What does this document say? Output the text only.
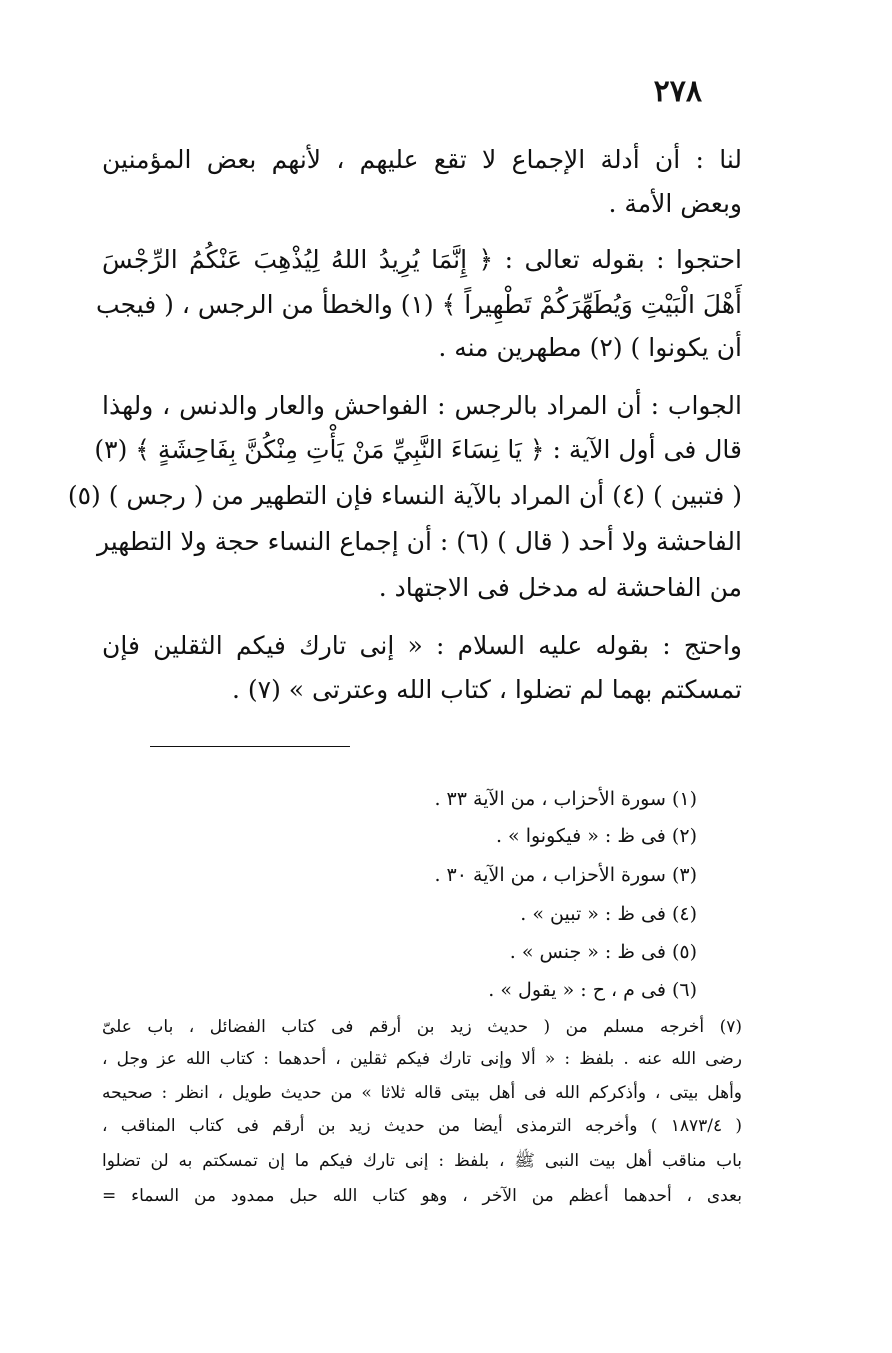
٢٧٨
لنا : أن أدلة الإجماع لا تقع عليهم ، لأنهم بعض المؤمنين
وبعض الأمة .
احتجوا : بقوله تعالى : ﴿ إِنَّمَا يُرِيدُ اللهُ لِيُذْهِبَ عَنْكُمُ الرِّجْسَ
أَهْلَ الْبَيْتِ وَيُطَهِّرَكُمْ تَطْهِيراً ﴾ (١) والخطأ من الرجس ، ( فيجب
أن يكونوا ) (٢) مطهرين منه .
الجواب : أن المراد بالرجس : الفواحش والعار والدنس ، ولهذا
قال فى أول الآية : ﴿ يَا نِسَاءَ النَّبِيِّ مَنْ يَأْتِ مِنْكُنَّ بِفَاحِشَةٍ ﴾ (٣)
( فتبين ) (٤) أن المراد بالآية النساء فإن التطهير من ( رجس ) (٥)
الفاحشة ولا أحد ( قال ) (٦) : أن إجماع النساء حجة ولا التطهير
من الفاحشة له مدخل فى الاجتهاد .
واحتج : بقوله عليه السلام : « إنى تارك فيكم الثقلين فإن
تمسكتم بهما لم تضلوا ، كتاب الله وعترتى » (٧) .
(١) سورة الأحزاب ، من الآية ٣٣ .
(٢) فى ظ : « فيكونوا » .
(٣) سورة الأحزاب ، من الآية ٣٠ .
(٤) فى ظ : « تبين » .
(٥) فى ظ : « جنس » .
(٦) فى م ، ح : « يقول » .
(٧) أخرجه مسلم من ( حديث زيد بن أرقم فى كتاب الفضائل ، باب علىّ
رضى الله عنه . بلفظ : « ألا وإنى تارك فيكم ثقلين ، أحدهما : كتاب الله عز وجل ،
وأهل بيتى ، وأذكركم الله فى أهل بيتى قاله ثلاثا » من حديث طويل ، انظر : صحيحه
( ١٨٧٣/٤ ) وأخرجه الترمذى أيضا من حديث زيد بن أرقم فى كتاب المناقب ،
باب مناقب أهل بيت النبى ﷺ ، بلفظ : إنى تارك فيكم ما إن تمسكتم به لن تضلوا
بعدى ، أحدهما أعظم من الآخر ، وهو كتاب الله حبل ممدود من السماء =
